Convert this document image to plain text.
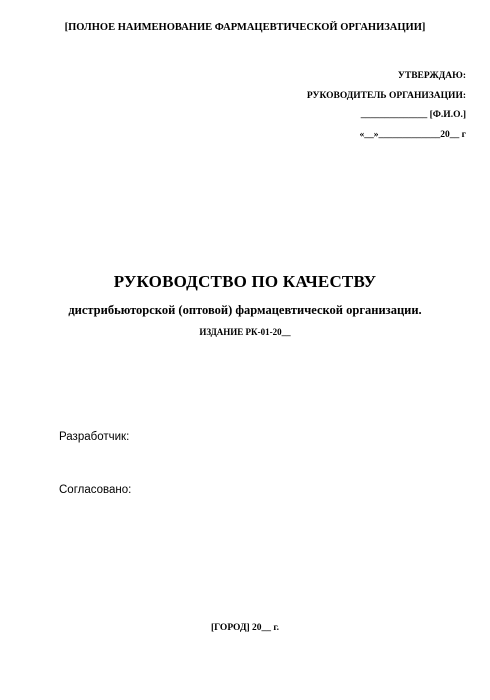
[ПОЛНОЕ НАИМЕНОВАНИЕ ФАРМАЦЕВТИЧЕСКОЙ ОРГАНИЗАЦИИ]

УТВЕРЖДАЮ:

РУКОВОДИТЕЛЬ ОРГАНИЗАЦИИ:

______________ [Ф.И.О.]

«__»_____________20__ г

РУКОВОДСТВО ПО КАЧЕСТВУ

дистрибьюторской (оптовой) фармацевтической организации.

ИЗДАНИЕ РК-01-20__

Разработчик:

Согласовано:

[ГОРОД] 20__ г.
